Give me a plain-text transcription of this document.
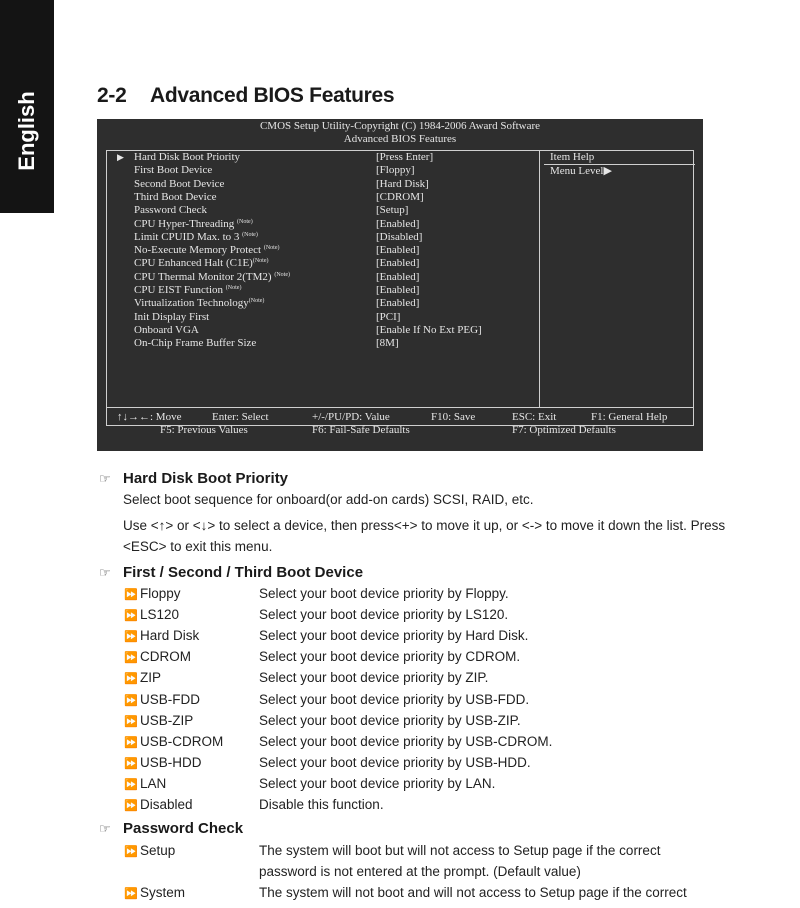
English	2-2 Advanced BIOS Features
CMOS Setup Utility-Copyright (C) 1984-2006 Award Software
Advanced BIOS Features
Item Help
Menu Level▶
▶ Hard Disk Boot Priority	[Press Enter]
First Boot Device	[Floppy]
Second Boot Device	[Hard Disk]
Third Boot Device	[CDROM]
Password Check	[Setup]
CPU Hyper-Threading $^{(Note)}$	[Enabled]
Limit CPUID Max. to 3 $^{(Note)}$	[Disabled]
No-Execute Memory Protect $^{(Note)}$	[Enabled]
CPU Enhanced Halt $(C1E)^{(Note)}$	[Enabled]
CPU Thermal Monitor 2(TM2) $^{(Note)}$	[Enabled]
CPU EIST Function $^{(Note)}$	[Enabled]
Virtualization Technology$^{(Note)}$	[Enabled]
Init Display First	[PCI]
Onboard VGA	[Enable If No Ext PEG]
On-Chip Frame Buffer Size	[8M]
↑↓→←: Move	Enter: Select	+/-/PU/PD: Value	F10: Save	ESC: Exit	F1: General Help
F5: Previous Values	F6: Fail-Safe Defaults	F7: Optimized Defaults
☞ Hard Disk Boot Priority
Select boot sequence for onboard(or add-on cards) SCSI, RAID, etc.
Use <↑> or <↓> to select a device, then press<+> to move it up, or <-> to move it down the list. Press
<ESC> to exit this menu.
☞ First / Second / Third Boot Device
⏩ Floppy	Select your boot device priority by Floppy.
⏩ LS120	Select your boot device priority by LS120.
⏩ Hard Disk	Select your boot device priority by Hard Disk.
⏩ CDROM	Select your boot device priority by CDROM.
⏩ ZIP	Select your boot device priority by ZIP.
⏩ USB-FDD	Select your boot device priority by USB-FDD.
⏩ USB-ZIP	Select your boot device priority by USB-ZIP.
⏩ USB-CDROM	Select your boot device priority by USB-CDROM.
⏩ USB-HDD	Select your boot device priority by USB-HDD.
⏩ LAN	Select your boot device priority by LAN.
⏩ Disabled	Disable this function.
☞ Password Check
⏩ Setup	The system will boot but will not access to Setup page if the correct
password is not entered at the prompt. (Default value)
⏩ System	The system will not boot and will not access to Setup page if the correct
